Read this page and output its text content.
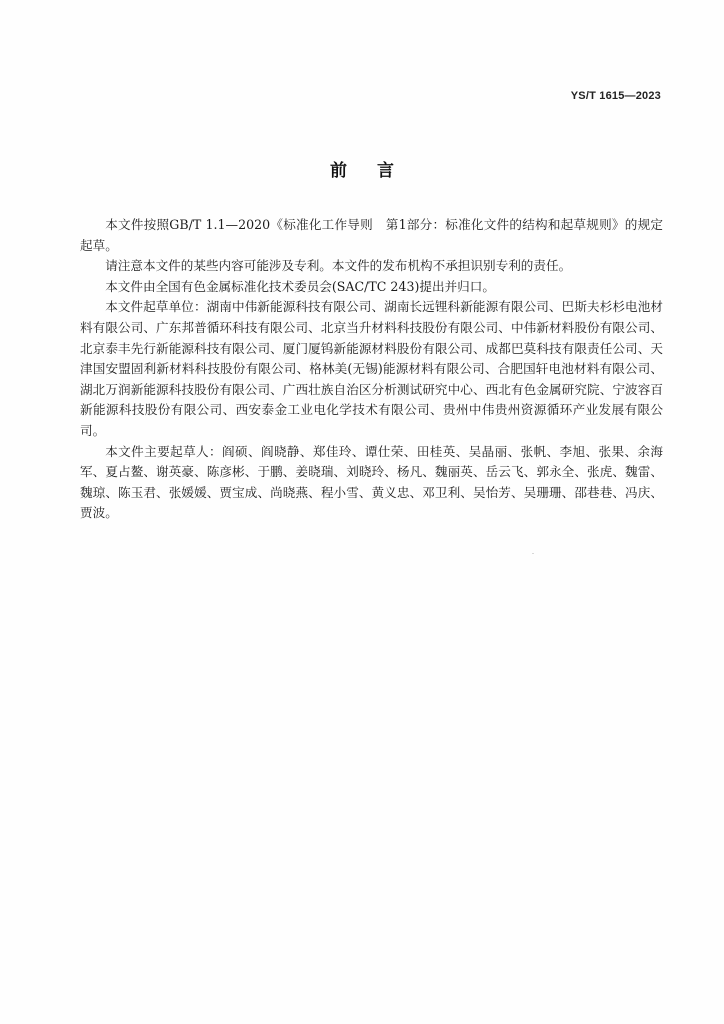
YS/T 1615—2023
前 言

本文件按照GB/T 1.1—2020《标准化工作导则　第1部分：标准化文件的结构和起草规则》的规定起草。

请注意本文件的某些内容可能涉及专利。本文件的发布机构不承担识别专利的责任。

本文件由全国有色金属标准化技术委员会(SAC/TC 243)提出并归口。

本文件起草单位：湖南中伟新能源科技有限公司、湖南长远锂科新能源有限公司、巴斯夫杉杉电池材料有限公司、广东邦普循环科技有限公司、北京当升材料科技股份有限公司、中伟新材料股份有限公司、北京泰丰先行新能源科技有限公司、厦门厦钨新能源材料股份有限公司、成都巴莫科技有限责任公司、天津国安盟固利新材料科技股份有限公司、格林美(无锡)能源材料有限公司、合肥国轩电池材料有限公司、湖北万润新能源科技股份有限公司、广西壮族自治区分析测试研究中心、西北有色金属研究院、宁波容百新能源科技股份有限公司、西安泰金工业电化学技术有限公司、贵州中伟贵州资源循环产业发展有限公司。

本文件主要起草人：阎硕、阎晓静、郑佳玲、谭仕荣、田桂英、吴晶丽、张帆、李旭、张果、余海军、夏占鳌、谢英豪、陈彦彬、于鹏、姜晓瑞、刘晓玲、杨凡、魏丽英、岳云飞、郭永全、张虎、魏雷、魏琼、陈玉君、张媛媛、贾宝成、尚晓燕、程小雪、黄义忠、邓卫利、吴怡芳、吴珊珊、邵巷巷、冯庆、贾波。
